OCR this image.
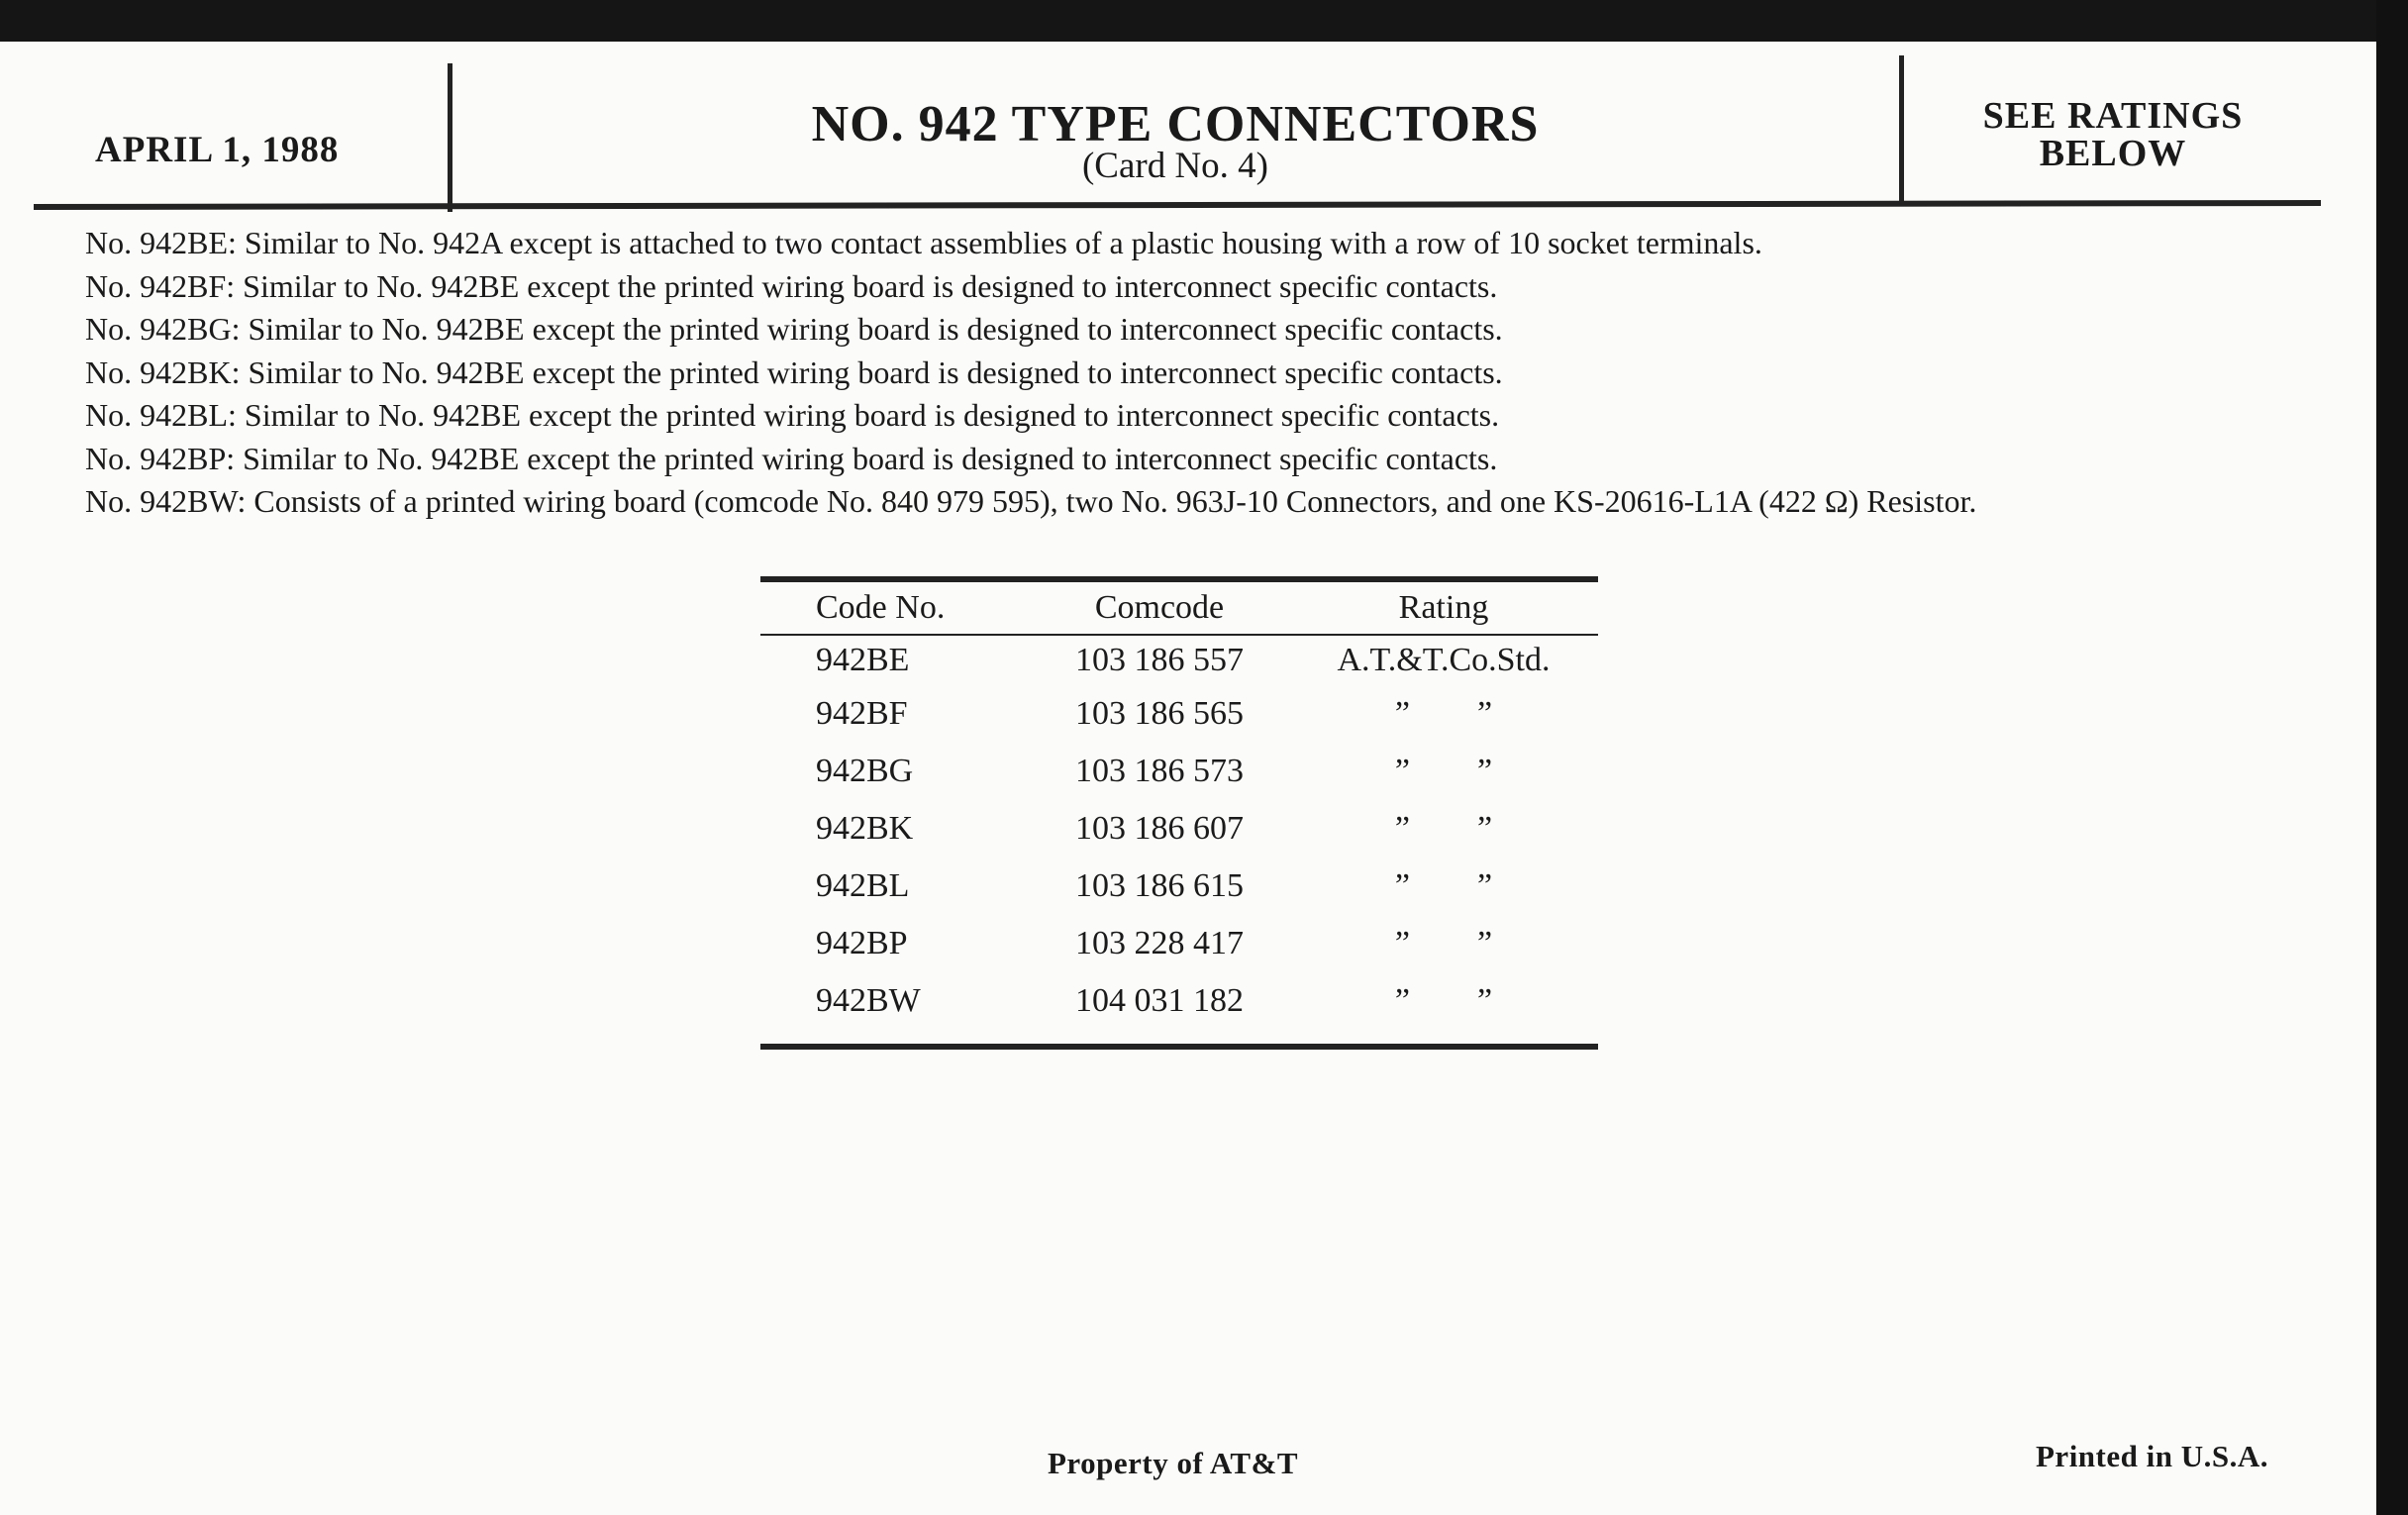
APRIL 1, 1988	NO. 942 TYPE CONNECTORS
(Card No. 4)
SEE RATINGS
BELOW
No. 942BE: Similar to No. 942A except is attached to two contact assemblies of a plastic housing with a row of 10 socket terminals.
No. 942BF: Similar to No. 942BE except the printed wiring board is designed to interconnect specific contacts.
No. 942BG: Similar to No. 942BE except the printed wiring board is designed to interconnect specific contacts.
No. 942BK: Similar to No. 942BE except the printed wiring board is designed to interconnect specific contacts.
No. 942BL: Similar to No. 942BE except the printed wiring board is designed to interconnect specific contacts.
No. 942BP: Similar to No. 942BE except the printed wiring board is designed to interconnect specific contacts.
No. 942BW: Consists of a printed wiring board (comcode No. 840 979 595), two No. 963J-10 Connectors, and one KS-20616-L1A (422 Ω) Resistor.
Code No.	Comcode	Rating
942BE	103 186 557	A.T.&T.Co.Std.
942BF	103 186 565	”        ”
942BG	103 186 573	”        ”
942BK	103 186 607	”        ”
942BL	103 186 615	”        ”
942BP	103 228 417	”        ”
942BW	104 031 182	”        ”
Property of AT&T	Printed in U.S.A.
